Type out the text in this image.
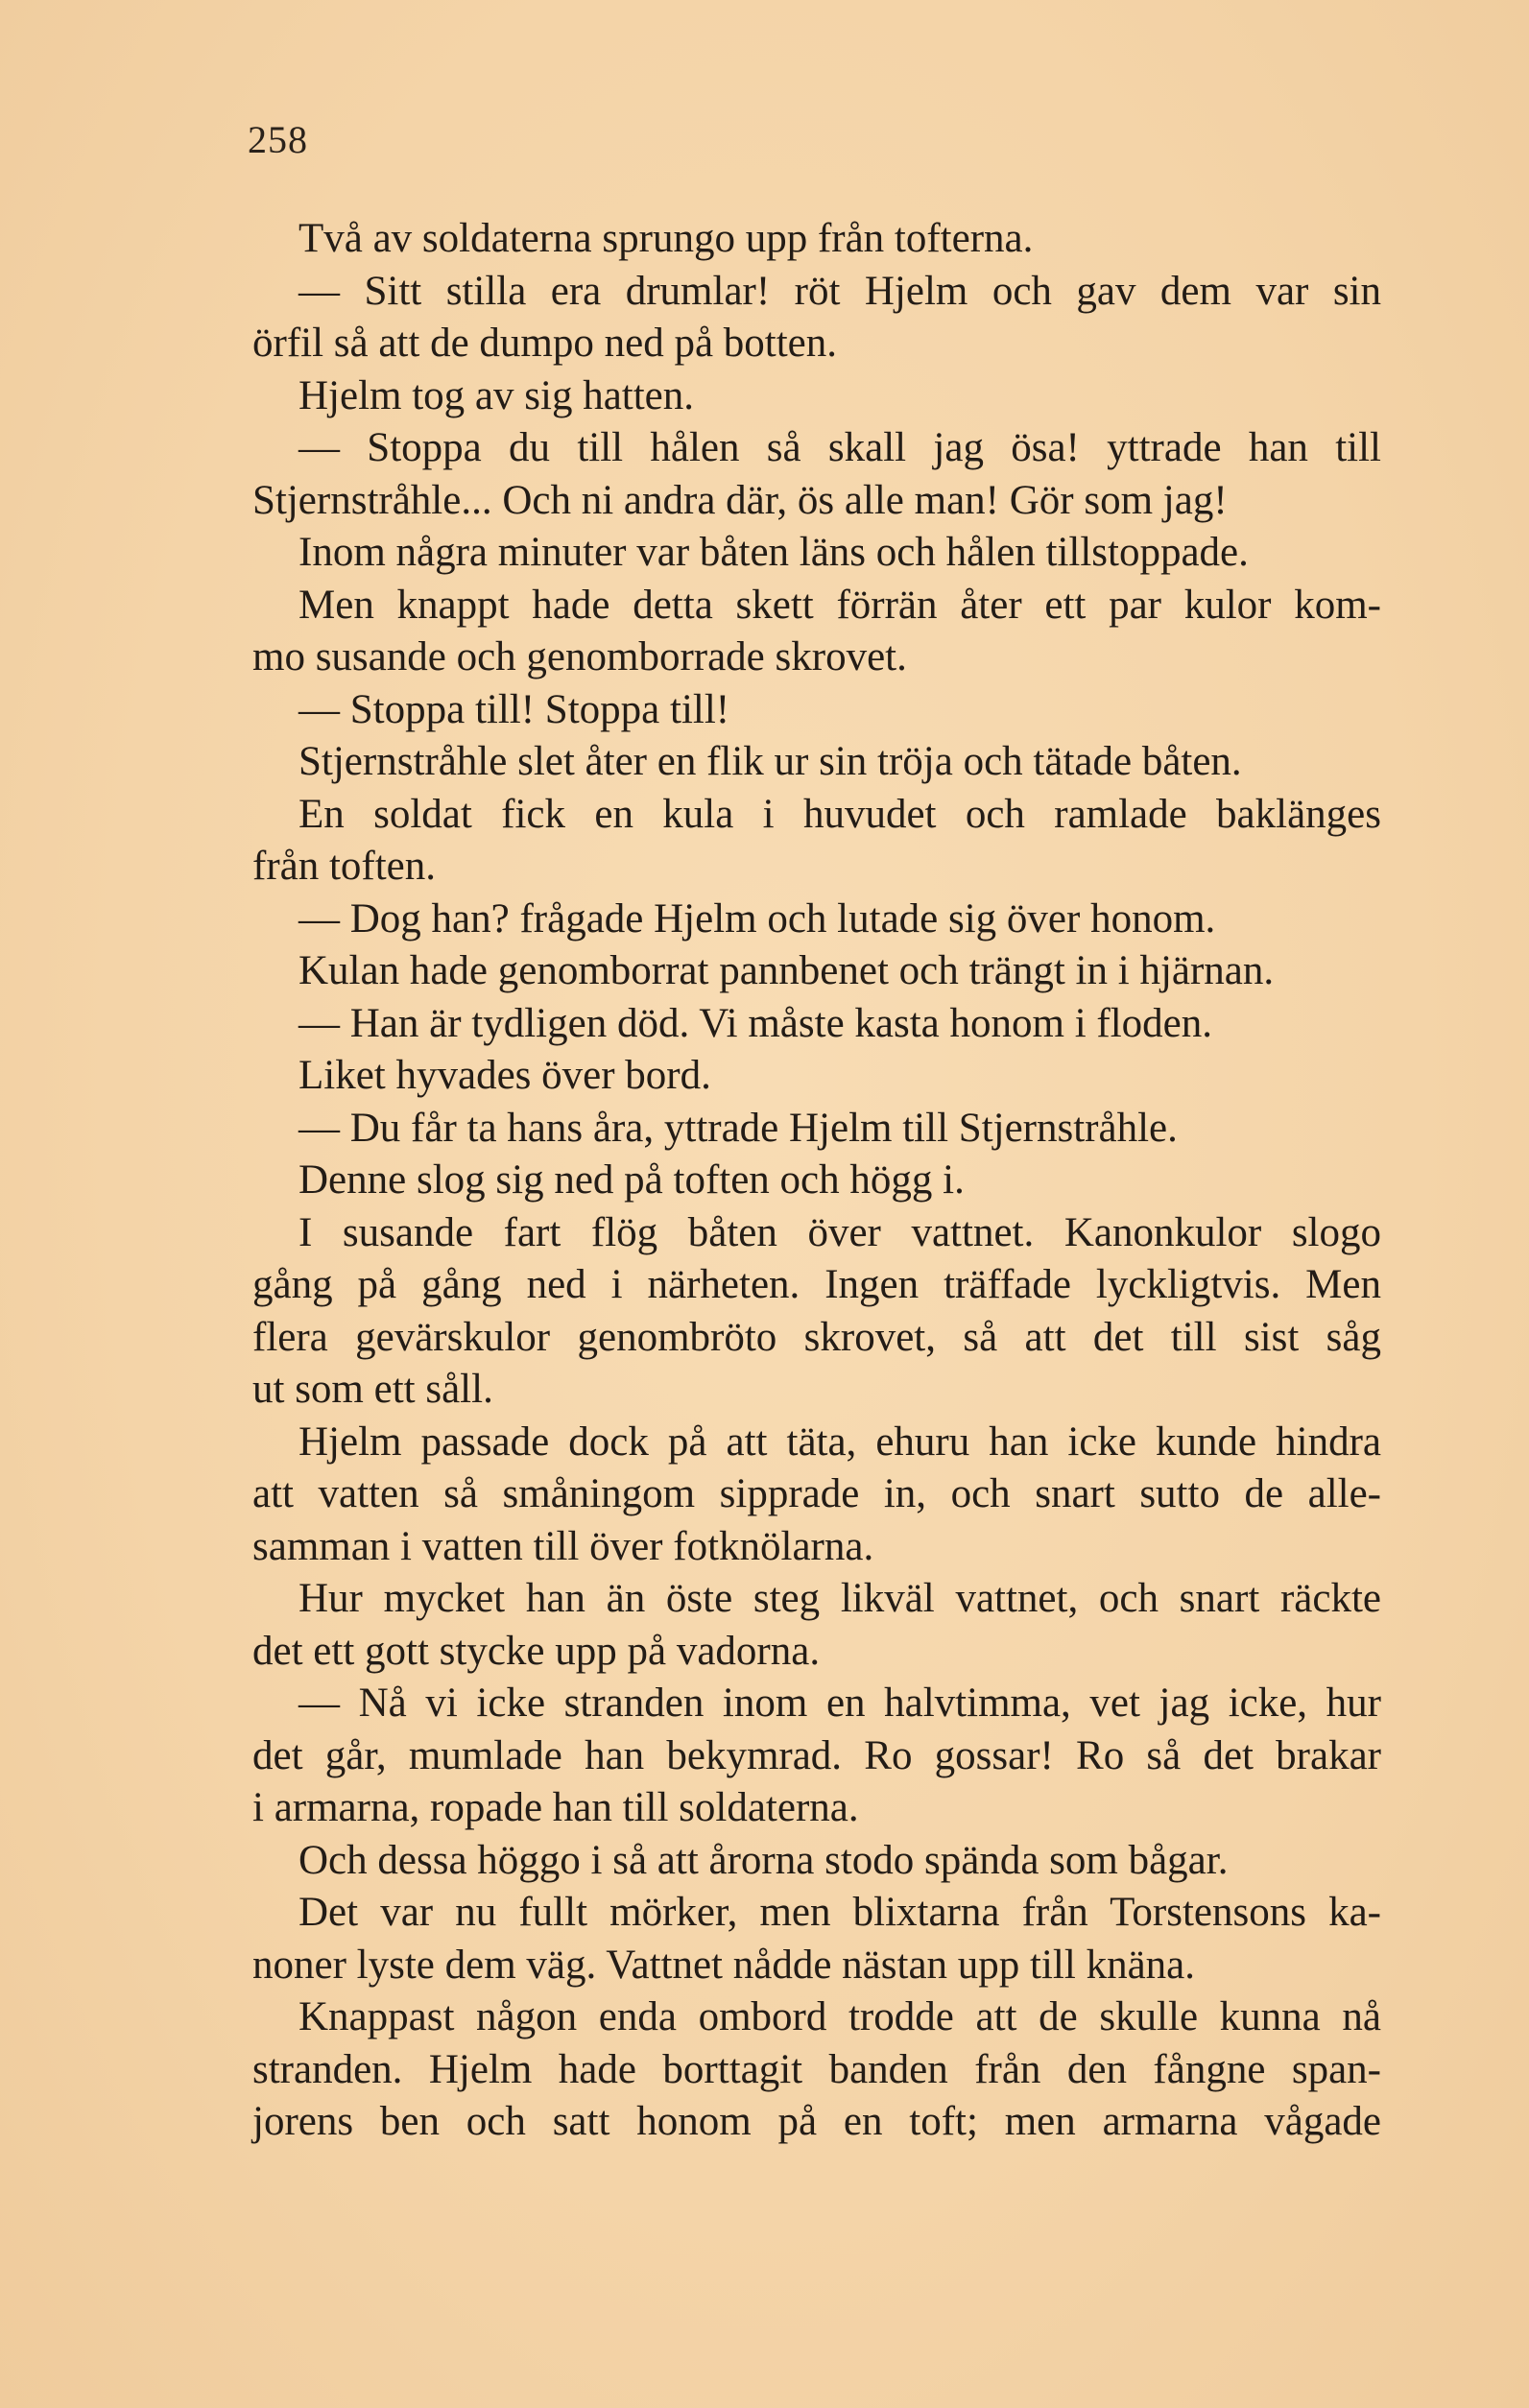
258
Två av soldaterna sprungo upp från tofterna.
— Sitt stilla era drumlar! röt Hjelm och gav dem var sin
örfil så att de dumpo ned på botten.
Hjelm tog av sig hatten.
— Stoppa du till hålen så skall jag ösa! yttrade han till
Stjernstråhle... Och ni andra där, ös alle man! Gör som jag!
Inom några minuter var båten läns och hålen tillstoppade.
Men knappt hade detta skett förrän åter ett par kulor kom-
mo susande och genomborrade skrovet.
— Stoppa till! Stoppa till!
Stjernstråhle slet åter en flik ur sin tröja och tätade båten.
En soldat fick en kula i huvudet och ramlade baklänges
från toften.
— Dog han? frågade Hjelm och lutade sig över honom.
Kulan hade genomborrat pannbenet och trängt in i hjärnan.
— Han är tydligen död. Vi måste kasta honom i floden.
Liket hyvades över bord.
— Du får ta hans åra, yttrade Hjelm till Stjernstråhle.
Denne slog sig ned på toften och högg i.
I susande fart flög båten över vattnet. Kanonkulor slogo
gång på gång ned i närheten. Ingen träffade lyckligtvis. Men
flera gevärskulor genombröto skrovet, så att det till sist såg
ut som ett såll.
Hjelm passade dock på att täta, ehuru han icke kunde hindra
att vatten så småningom sipprade in, och snart sutto de alle-
samman i vatten till över fotknölarna.
Hur mycket han än öste steg likväl vattnet, och snart räckte
det ett gott stycke upp på vadorna.
— Nå vi icke stranden inom en halvtimma, vet jag icke, hur
det går, mumlade han bekymrad. Ro gossar! Ro så det brakar
i armarna, ropade han till soldaterna.
Och dessa höggo i så att årorna stodo spända som bågar.
Det var nu fullt mörker, men blixtarna från Torstensons ka-
noner lyste dem väg. Vattnet nådde nästan upp till knäna.
Knappast någon enda ombord trodde att de skulle kunna nå
stranden. Hjelm hade borttagit banden från den fångne span-
jorens ben och satt honom på en toft; men armarna vågade
